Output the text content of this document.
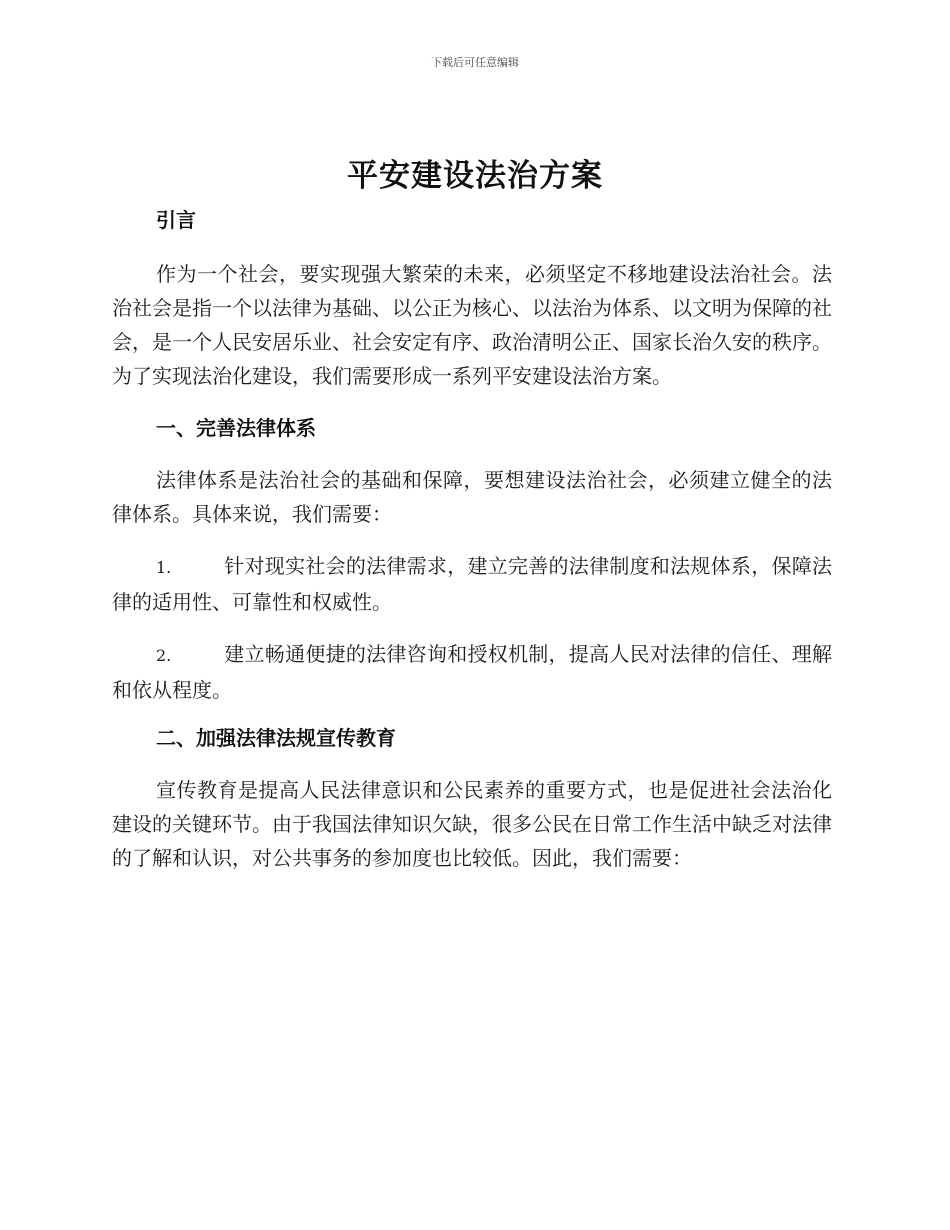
下载后可任意编辑
平安建设法治方案

引言

作为一个社会，要实现强大繁荣的未来，必须坚定不移地建设法治社会。法治社会是指一个以法律为基础、以公正为核心、以法治为体系、以文明为保障的社会，是一个人民安居乐业、社会安定有序、政治清明公正、国家长治久安的秩序。为了实现法治化建设，我们需要形成一系列平安建设法治方案。

一、完善法律体系

法律体系是法治社会的基础和保障，要想建设法治社会，必须建立健全的法律体系。具体来说，我们需要：

1.	针对现实社会的法律需求，建立完善的法律制度和法规体系，保障法律的适用性、可靠性和权威性。

2.	建立畅通便捷的法律咨询和授权机制，提高人民对法律的信任、理解和依从程度。

二、加强法律法规宣传教育

宣传教育是提高人民法律意识和公民素养的重要方式，也是促进社会法治化建设的关键环节。由于我国法律知识欠缺，很多公民在日常工作生活中缺乏对法律的了解和认识，对公共事务的参加度也比较低。因此，我们需要：
